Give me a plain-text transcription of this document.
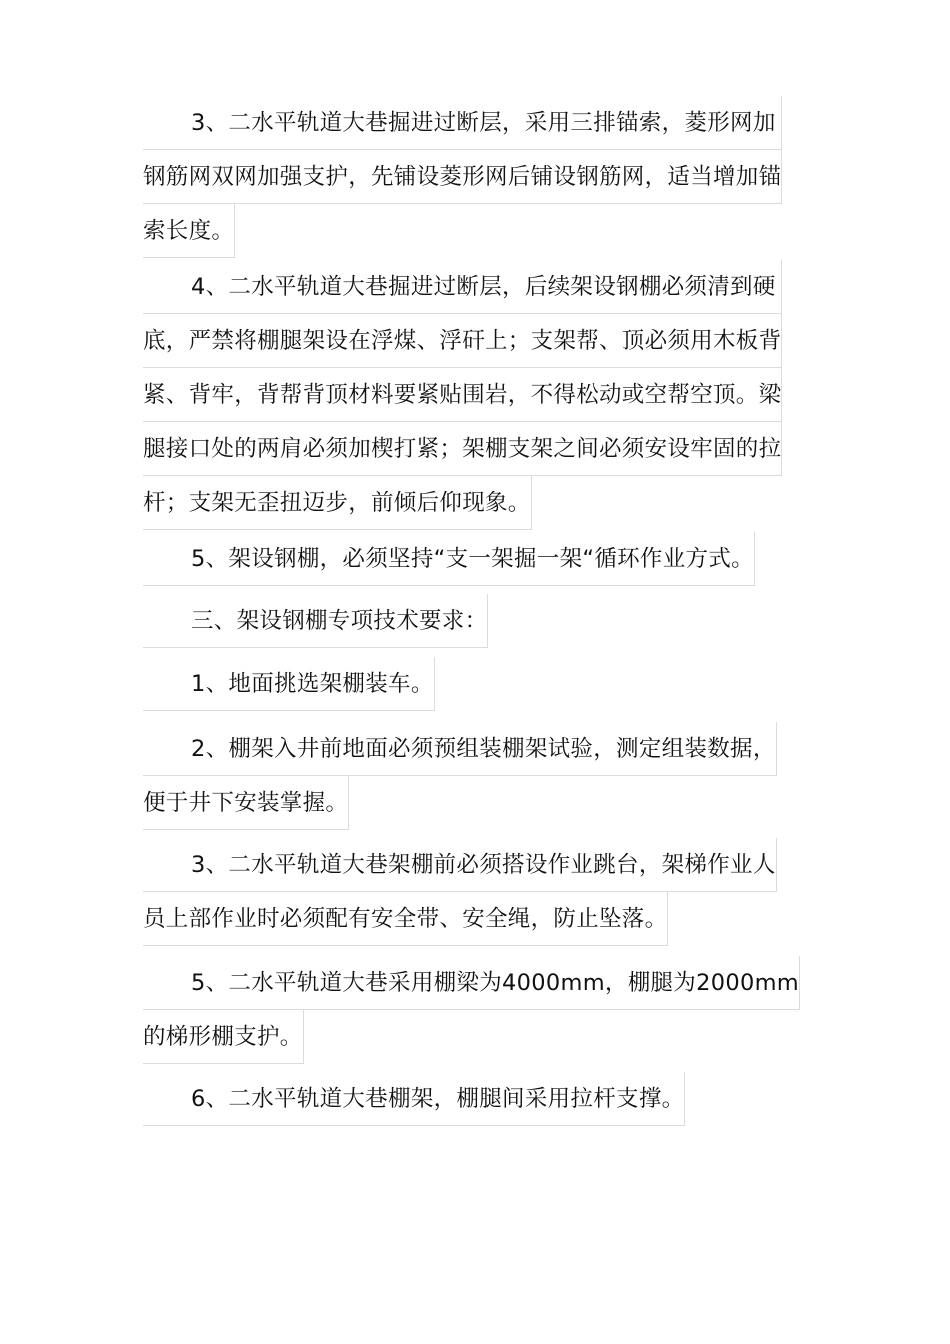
3、二水平轨道大巷掘进过断层，采用三排锚索，菱形网加
钢筋网双网加强支护，先铺设菱形网后铺设钢筋网，适当增加锚
索长度。
4、二水平轨道大巷掘进过断层，后续架设钢棚必须清到硬
底，严禁将棚腿架设在浮煤、浮矸上；支架帮、顶必须用木板背
紧、背牢，背帮背顶材料要紧贴围岩，不得松动或空帮空顶。梁
腿接口处的两肩必须加楔打紧；架棚支架之间必须安设牢固的拉
杆；支架无歪扭迈步，前倾后仰现象。
5、架设钢棚，必须坚持“支一架掘一架“循环作业方式。
三、架设钢棚专项技术要求：
1、地面挑选架棚装车。
2、棚架入井前地面必须预组装棚架试验，测定组装数据，
便于井下安装掌握。
3、二水平轨道大巷架棚前必须搭设作业跳台，架梯作业人
员上部作业时必须配有安全带、安全绳，防止坠落。
5、二水平轨道大巷采用棚梁为4000mm，棚腿为2000mm
的梯形棚支护。
6、二水平轨道大巷棚架，棚腿间采用拉杆支撑。
